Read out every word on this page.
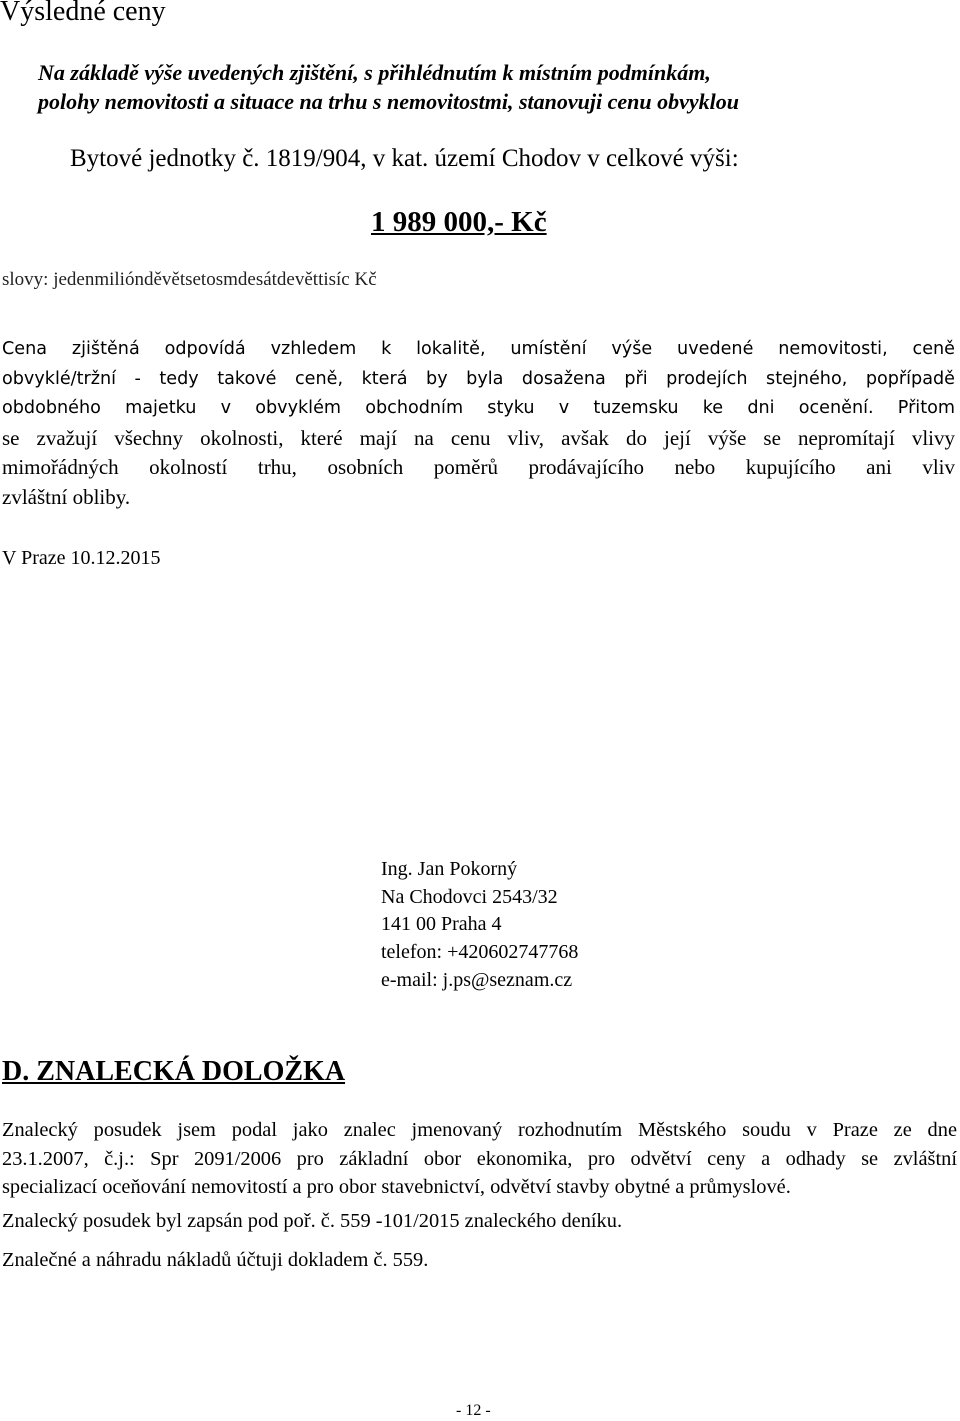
Výsledné ceny
Na základě výše uvedených zjištění, s přihlédnutím k místním podmínkám,
polohy nemovitosti a situace na trhu s nemovitostmi, stanovuji cenu obvyklou
Bytové jednotky č. 1819/904, v kat. území Chodov v celkové výši:
1 989 000,- Kč
slovy: jedenmiliónděvětsetosmdesátdevěttisíc Kč
Cena zjištěná odpovídá vzhledem k lokalitě, umístění výše uvedené nemovitosti, ceně
obvyklé/tržní - tedy takové ceně, která by byla dosažena při prodejích stejného, popřípadě
obdobného majetku v obvyklém obchodním styku v tuzemsku ke dni ocenění. Přitom
se zvažují všechny okolnosti, které mají na cenu vliv, avšak do její výše se nepromítají vlivy
mimořádných okolností trhu, osobních poměrů prodávajícího nebo kupujícího ani vliv
zvláštní obliby.
V Praze 10.12.2015
Ing. Jan Pokorný
Na Chodovci 2543/32
141 00 Praha 4
telefon: +420602747768
e-mail: j.ps@seznam.cz
D. ZNALECKÁ DOLOŽKA
Znalecký posudek jsem podal jako znalec jmenovaný rozhodnutím Městského soudu v Praze ze dne
23.1.2007, č.j.: Spr 2091/2006 pro základní obor ekonomika, pro odvětví ceny a odhady se zvláštní
specializací oceňování nemovitostí a pro obor stavebnictví, odvětví stavby obytné a průmyslové.
Znalecký posudek byl zapsán pod poř. č. 559 -101/2015 znaleckého deníku.
Znalečné a náhradu nákladů účtuji dokladem č. 559.
- 12 -
